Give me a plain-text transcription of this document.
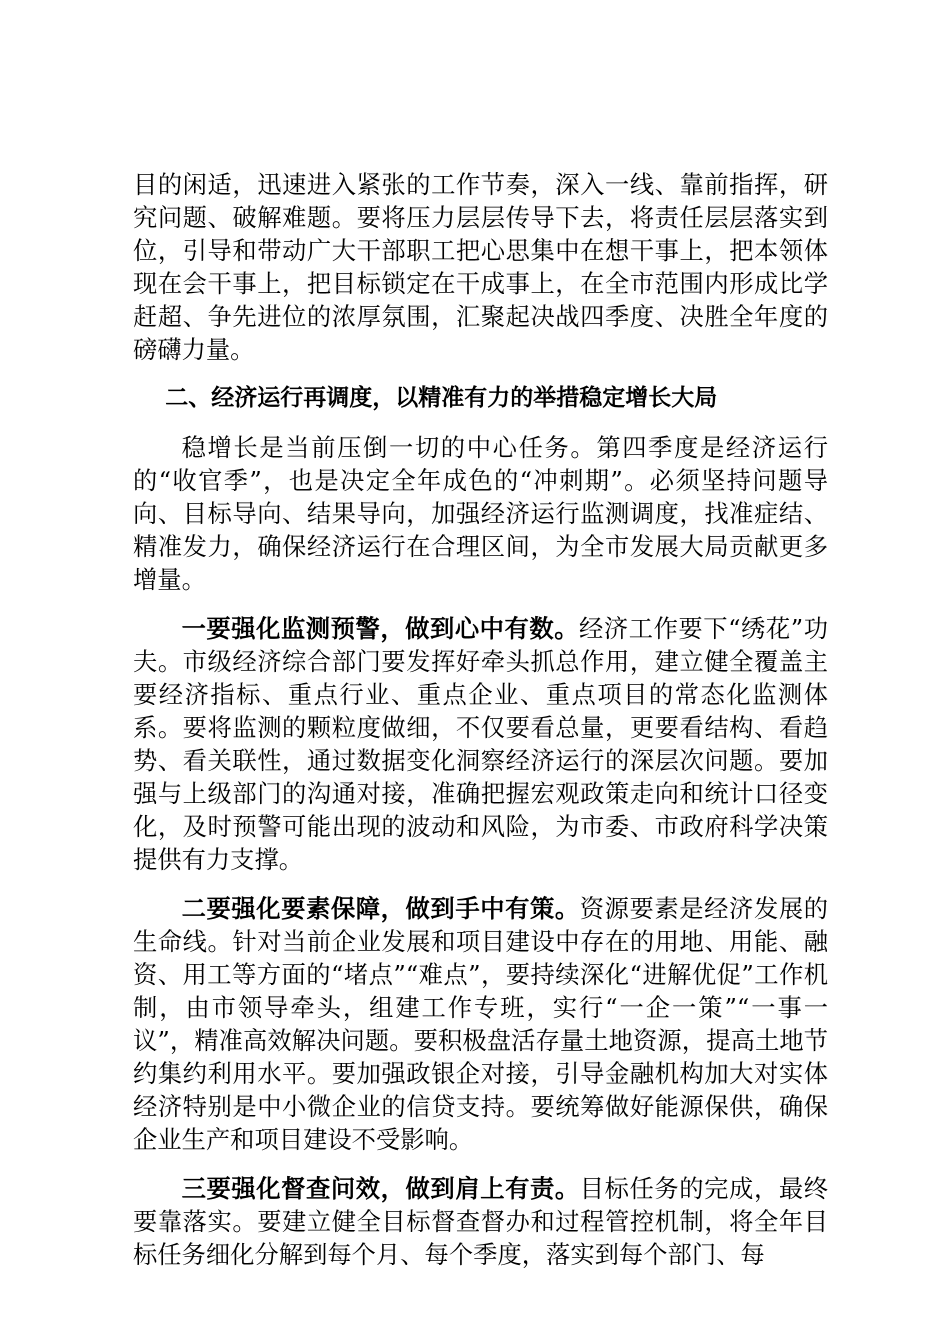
目的闲适，迅速进入紧张的工作节奏，深入一线、靠前指挥，研究问题、破解难题。要将压力层层传导下去，将责任层层落实到位，引导和带动广大干部职工把心思集中在想干事上，把本领体现在会干事上，把目标锁定在干成事上，在全市范围内形成比学赶超、争先进位的浓厚氛围，汇聚起决战四季度、决胜全年度的磅礴力量。

二、经济运行再调度，以精准有力的举措稳定增长大局

稳增长是当前压倒一切的中心任务。第四季度是经济运行的“收官季”，也是决定全年成色的“冲刺期”。必须坚持问题导向、目标导向、结果导向，加强经济运行监测调度，找准症结、精准发力，确保经济运行在合理区间，为全市发展大局贡献更多增量。

一要强化监测预警，做到心中有数。经济工作要下“绣花”功夫。市级经济综合部门要发挥好牵头抓总作用，建立健全覆盖主要经济指标、重点行业、重点企业、重点项目的常态化监测体系。要将监测的颗粒度做细，不仅要看总量，更要看结构、看趋势、看关联性，通过数据变化洞察经济运行的深层次问题。要加强与上级部门的沟通对接，准确把握宏观政策走向和统计口径变化，及时预警可能出现的波动和风险，为市委、市政府科学决策提供有力支撑。

二要强化要素保障，做到手中有策。资源要素是经济发展的生命线。针对当前企业发展和项目建设中存在的用地、用能、融资、用工等方面的“堵点”“难点”，要持续深化“进解优促”工作机制，由市领导牵头，组建工作专班，实行“一企一策”“一事一议”，精准高效解决问题。要积极盘活存量土地资源，提高土地节约集约利用水平。要加强政银企对接，引导金融机构加大对实体经济特别是中小微企业的信贷支持。要统筹做好能源保供，确保企业生产和项目建设不受影响。

三要强化督查问效，做到肩上有责。目标任务的完成，最终要靠落实。要建立健全目标督查督办和过程管控机制，将全年目标任务细化分解到每个月、每个季度，落实到每个部门、每
